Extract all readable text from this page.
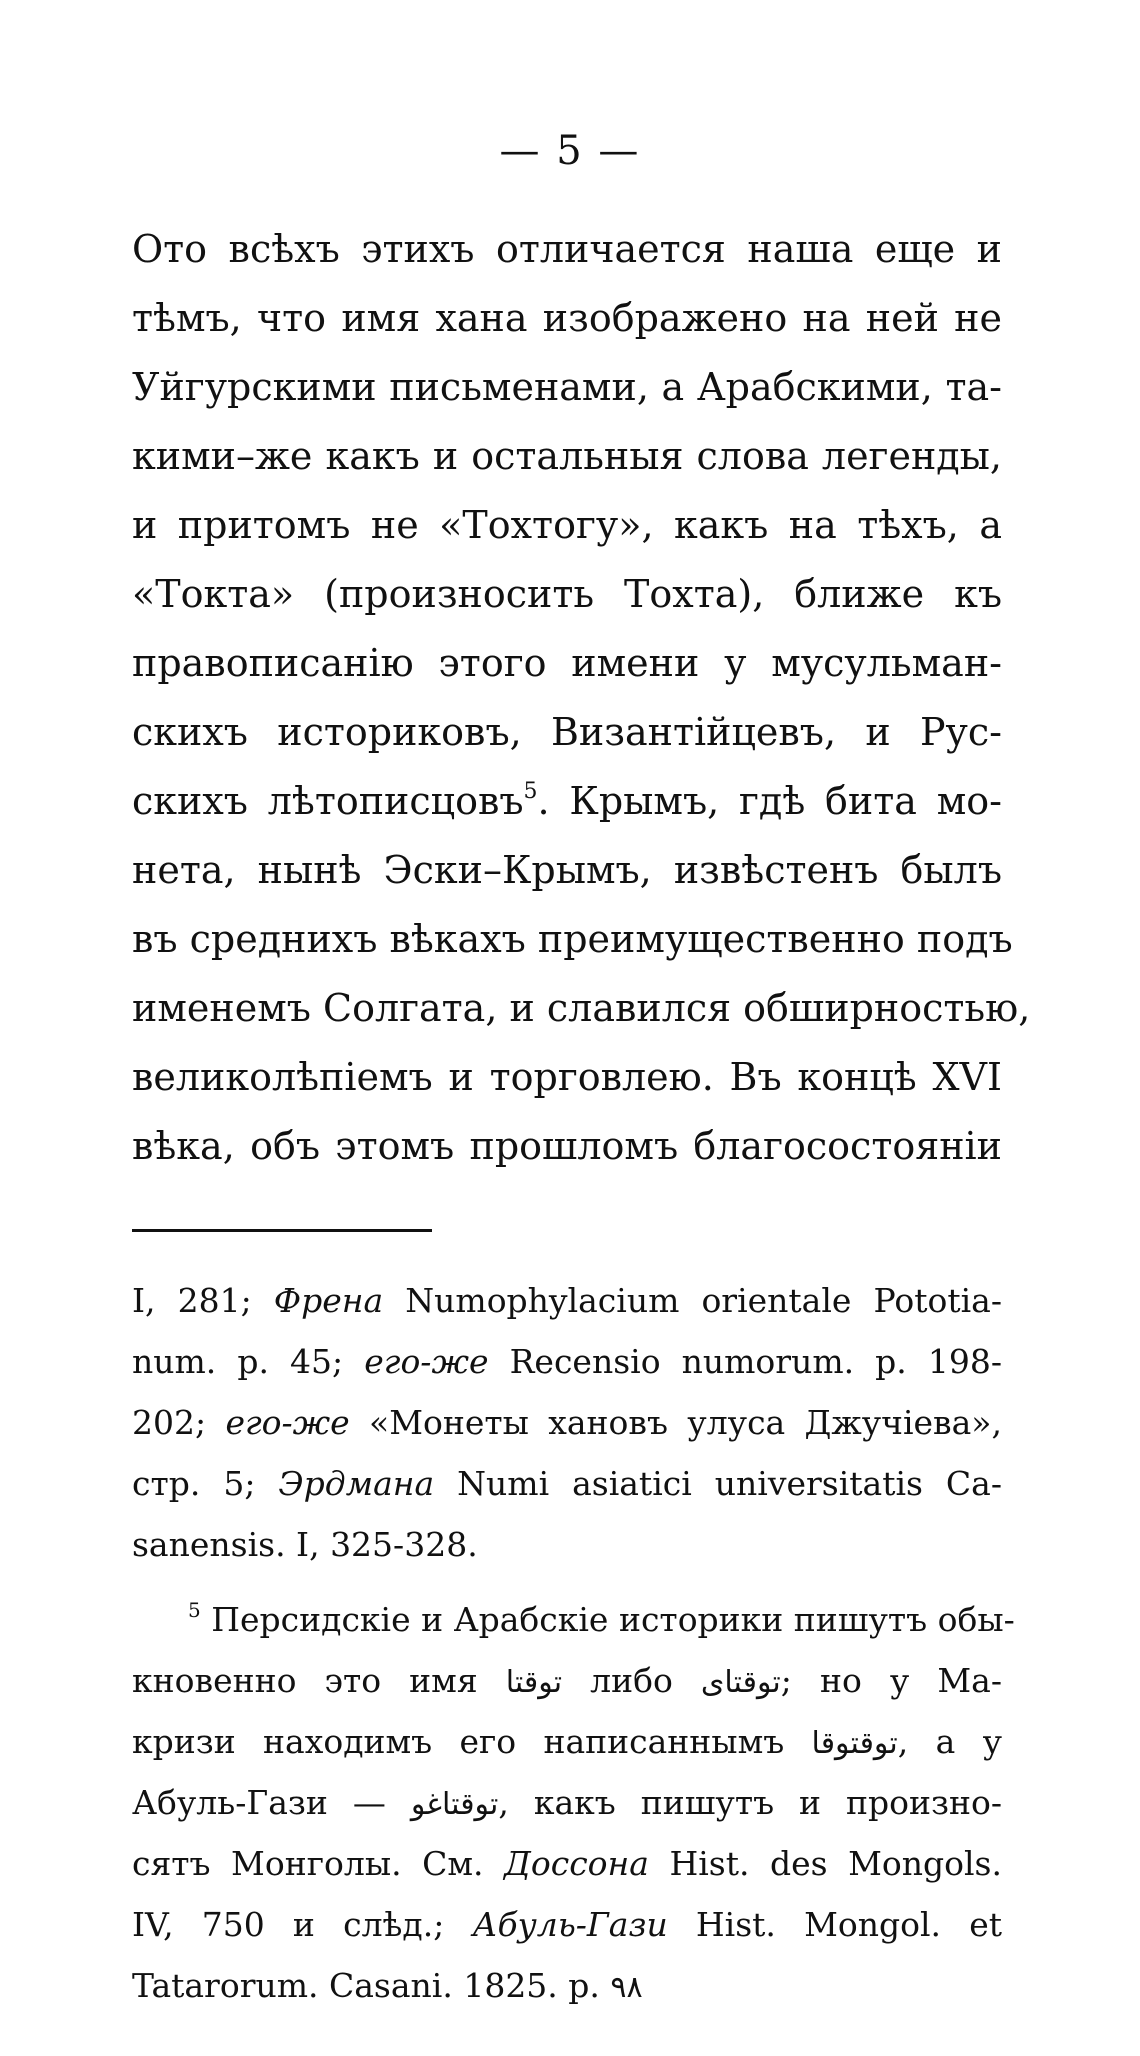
— 5 —
Ото всѣхъ этихъ отличается наша еще и
тѣмъ, что имя хана изображено на ней не
Уйгурскими письменами, а Арабскими, та-
кими–же какъ и остальныя слова легенды,
и притомъ не «Тохтогу», какъ на тѣхъ, а
«Токта» (произносить Тохта), ближе къ
правописанію этого имени у мусульман-
скихъ историковъ, Византійцевъ, и Рус-
скихъ лѣтописцовъ$^5$. Крымъ, гдѣ бита мо-
нета, нынѣ Эски–Крымъ, извѣстенъ былъ
въ среднихъ вѣкахъ преимущественно подъ
именемъ Солгата, и славился обширностью,
великолѣпіемъ и торговлею. Въ концѣ XVI
вѣка, объ этомъ прошломъ благосостояніи
I, 281; Френа Numophylacium orientale Pototia-
num. p. 45; его-же Recensio numorum. p. 198-
202; его-же «Монеты хановъ улуса Джучіева»,
стр. 5; Эрдмана Numi asiatici universitatis Ca-
sanensis. I, 325-328.
$^5$ Персидскіе и Арабскіе историки пишутъ обы-
кновенно это имя توقتا либо توقتاى; но у Ма-
кризи находимъ его написаннымъ توقتوقا, а у
Абуль-Гази — توقتاغو, какъ пишутъ и произно-
сятъ Монголы. См. Доссона Hist. des Mongols.
IV, 750 и слѣд.; Абуль-Гази Hist. Mongol. et
Tatarorum. Casani. 1825. p. ٩٨
